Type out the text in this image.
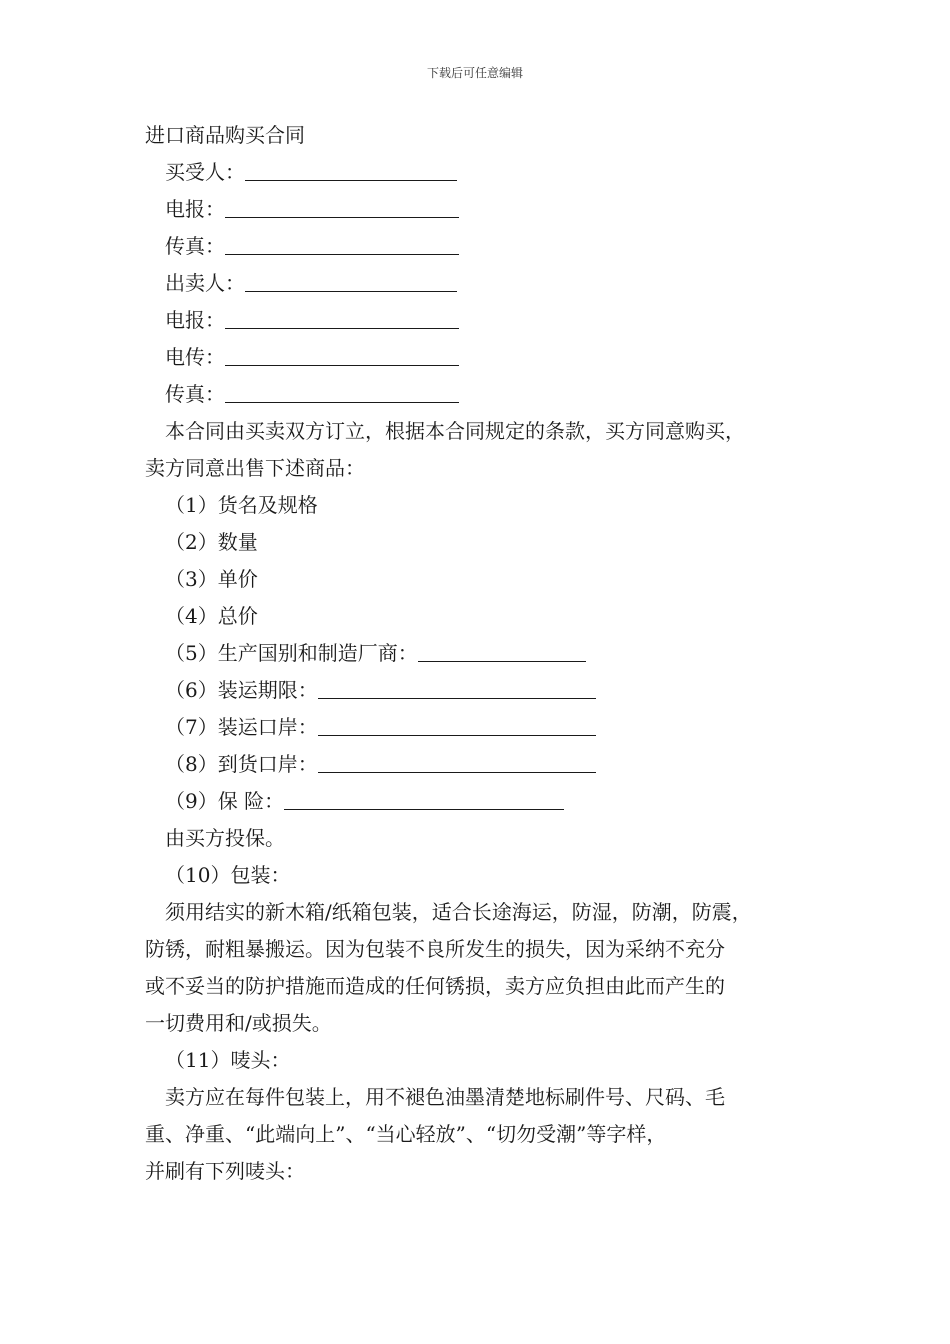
下载后可任意编辑
进口商品购买合同
买受人：
电报：
传真：
出卖人：
电报：
电传：
传真：
本合同由买卖双方订立，根据本合同规定的条款，买方同意购买，
卖方同意出售下述商品：
（1）货名及规格
（2）数量
（3）单价
（4）总价
（5）生产国别和制造厂商：
（6）装运期限：
（7）装运口岸：
（8）到货口岸：
（9）保 险：
由买方投保。
（10）包装：
须用结实的新木箱/纸箱包装，适合长途海运，防湿，防潮，防震，
防锈，耐粗暴搬运。因为包装不良所发生的损失，因为采纳不充分
或不妥当的防护措施而造成的任何锈损，卖方应负担由此而产生的
一切费用和/或损失。
（11）唛头：
卖方应在每件包装上，用不褪色油墨清楚地标刷件号、尺码、毛
重、净重、“此端向上”、“当心轻放”、“切勿受潮”等字样，
并刷有下列唛头：
